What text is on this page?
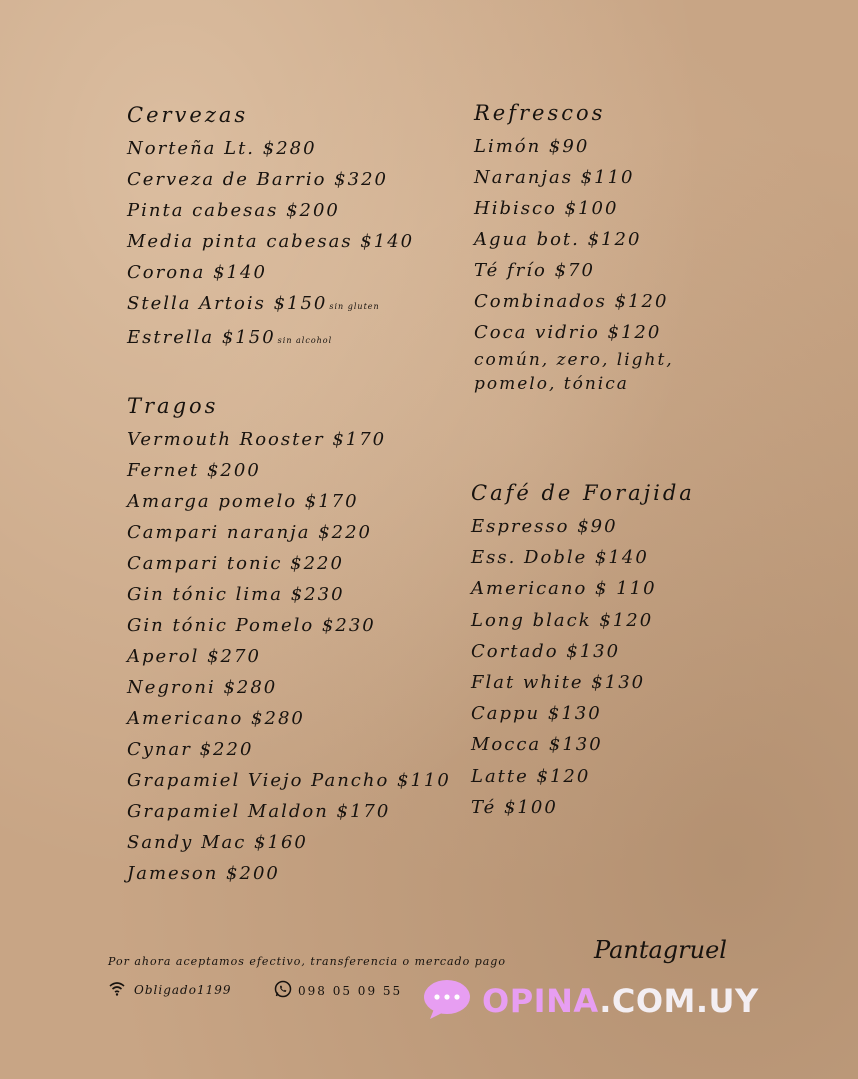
Cervezas
Norteña Lt. $280
Cerveza de Barrio $320
Pinta cabesas $200
Media pinta cabesas $140
Corona $140
Stella Artois $150 sin gluten
Estrella $150 sin alcohol
Tragos
Vermouth Rooster $170
Fernet $200
Amarga pomelo $170
Campari naranja $220
Campari tonic $220
Gin tónic lima $230
Gin tónic Pomelo $230
Aperol $270
Negroni $280
Americano $280
Cynar $220
Grapamiel Viejo Pancho $110
Grapamiel Maldon $170
Sandy Mac $160
Jameson $200
Refrescos
Limón $90
Naranjas $110
Hibisco $100
Agua bot. $120
Té frío $70
Combinados $120
Coca vidrio $120
común, zero, light,
pomelo, tónica
Café de Forajida
Espresso $90
Ess. Doble $140
Americano $ 110
Long black $120
Cortado $130
Flat white $130
Cappu $130
Mocca $130
Latte $120
Té $100
Por ahora aceptamos efectivo, transferencia o mercado pago
Obligado1199	098 05 09 55
Pantagruel
OPINA.COM.UY
